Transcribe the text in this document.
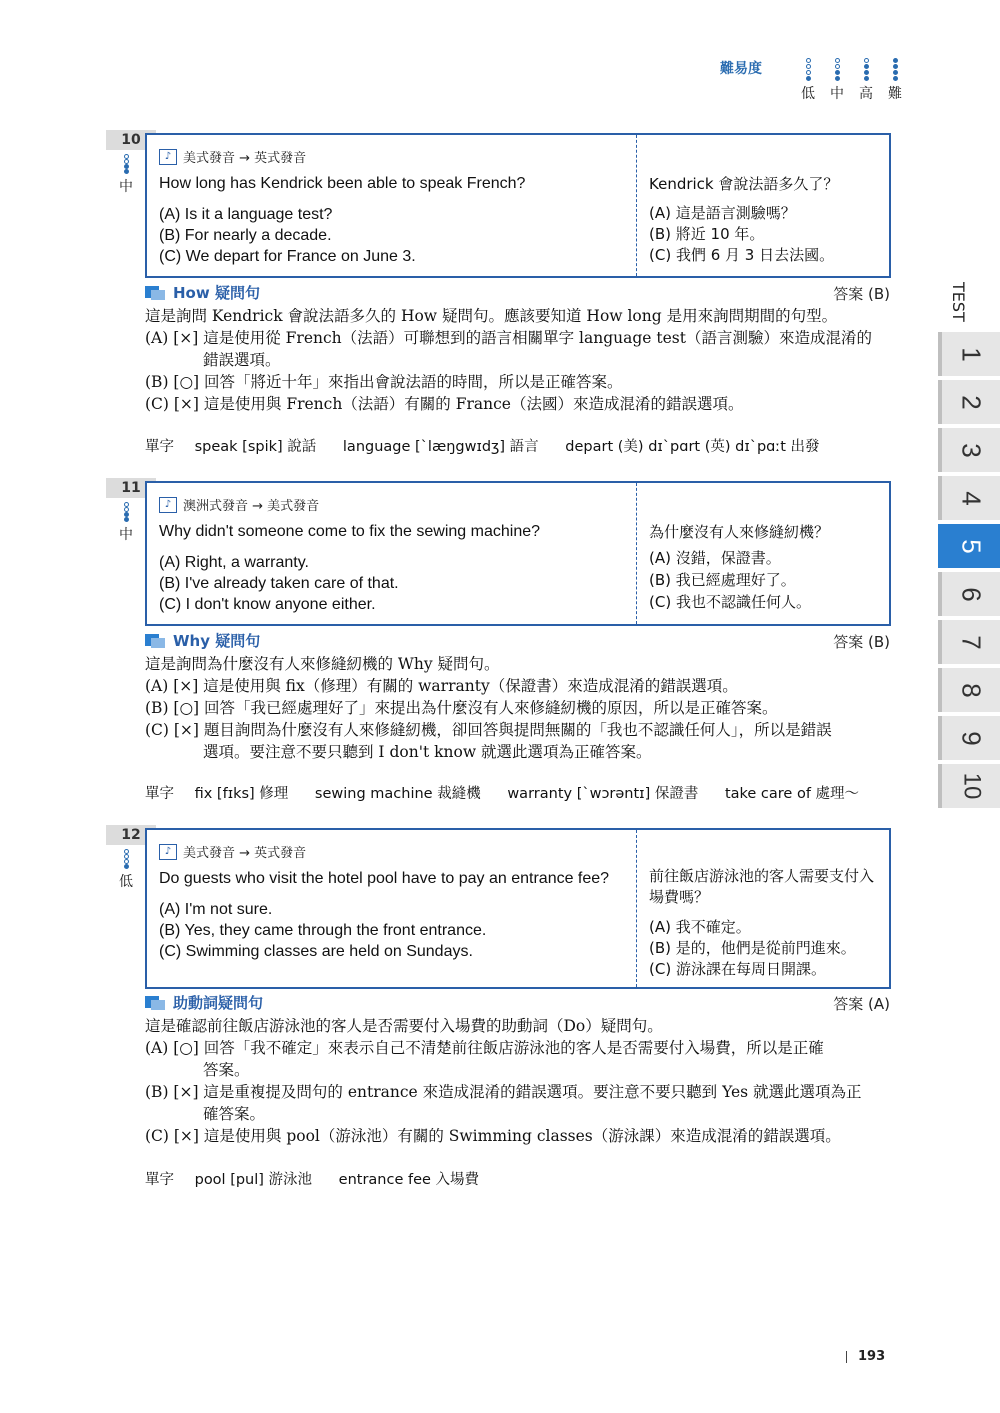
難易度
低 中 高 難
TEST
1
2
3
4
5
6
7
8
9
10
10
中
♪ 美式發音 → 英式發音
How long has Kendrick been able to speak French?
(A) Is it a language test?
(B) For nearly a decade.
(C) We depart for France on June 3.
Kendrick 會說法語多久了？
(A) 這是語言測驗嗎？
(B) 將近 10 年。
(C) 我們 6 月 3 日去法國。
How 疑問句	答案 (B)
這是詢問 Kendrick 會說法語多久的 How 疑問句。應該要知道 How long 是用來詢問期間的句型。
(A) [×] 這是使用從 French（法語）可聯想到的語言相關單字 language test（語言測驗）來造成混淆的
錯誤選項。
(B) [○] 回答「將近十年」來指出會說法語的時間，所以是正確答案。
(C) [×] 這是使用與 French（法語）有關的 France（法國）來造成混淆的錯誤選項。
單字 speak [spik] 說話 language [ˋlæŋgwɪdʒ] 語言 depart (美) dɪˋpɑrt (英) dɪˋpɑːt 出發
11
中
♪ 澳洲式發音 → 美式發音
Why didn't someone come to fix the sewing machine?
(A) Right, a warranty.
(B) I've already taken care of that.
(C) I don't know anyone either.
為什麼沒有人來修縫紉機？
(A) 沒錯，保證書。
(B) 我已經處理好了。
(C) 我也不認識任何人。
Why 疑問句	答案 (B)
這是詢問為什麼沒有人來修縫紉機的 Why 疑問句。
(A) [×] 這是使用與 fix（修理）有關的 warranty（保證書）來造成混淆的錯誤選項。
(B) [○] 回答「我已經處理好了」來提出為什麼沒有人來修縫紉機的原因，所以是正確答案。
(C) [×] 題目詢問為什麼沒有人來修縫紉機，卻回答與提問無關的「我也不認識任何人」，所以是錯誤
選項。要注意不要只聽到 I don't know 就選此選項為正確答案。
單字 fix [fɪks] 修理 sewing machine 裁縫機 warranty [ˋwɔrəntɪ] 保證書 take care of 處理～
12
低
♪ 美式發音 → 英式發音
Do guests who visit the hotel pool have to pay an entrance fee?
(A) I'm not sure.
(B) Yes, they came through the front entrance.
(C) Swimming classes are held on Sundays.
前往飯店游泳池的客人需要支付入場費嗎？
(A) 我不確定。
(B) 是的，他們是從前門進來。
(C) 游泳課在每周日開課。
助動詞疑問句	答案 (A)
這是確認前往飯店游泳池的客人是否需要付入場費的助動詞（Do）疑問句。
(A) [○] 回答「我不確定」來表示自己不清楚前往飯店游泳池的客人是否需要付入場費，所以是正確
答案。
(B) [×] 這是重複提及問句的 entrance 來造成混淆的錯誤選項。要注意不要只聽到 Yes 就選此選項為正
確答案。
(C) [×] 這是使用與 pool（游泳池）有關的 Swimming classes（游泳課）來造成混淆的錯誤選項。
單字 pool [pul] 游泳池 entrance fee 入場費
193
